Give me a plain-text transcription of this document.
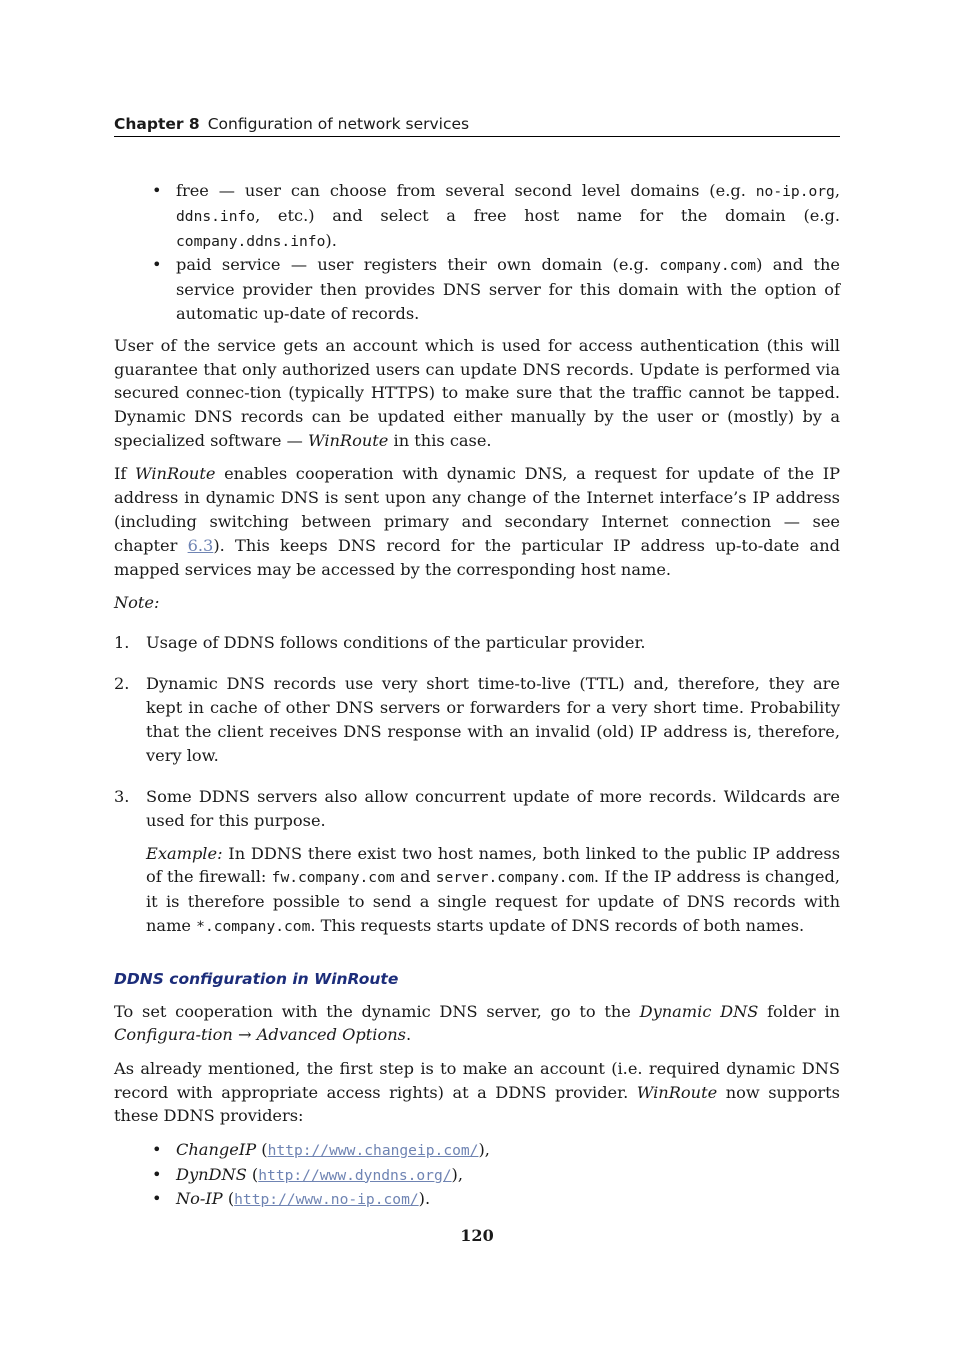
Chapter 8 Configuration of network services
• free — user can choose from several second level domains (e.g. no-ip.org, ddns.info, etc.) and select a free host name for the domain (e.g. company.ddns.info).
• paid service — user registers their own domain (e.g. company.com) and the service provider then provides DNS server for this domain with the option of automatic up-date of records.

User of the service gets an account which is used for access authentication (this will guarantee that only authorized users can update DNS records. Update is performed via secured connec-tion (typically HTTPS) to make sure that the traffic cannot be tapped. Dynamic DNS records can be updated either manually by the user or (mostly) by a specialized software — WinRoute in this case.

If WinRoute enables cooperation with dynamic DNS, a request for update of the IP address in dynamic DNS is sent upon any change of the Internet interface’s IP address (including switching between primary and secondary Internet connection — see chapter 6.3). This keeps DNS record for the particular IP address up-to-date and mapped services may be accessed by the corresponding host name.

Note:
1. Usage of DDNS follows conditions of the particular provider.

2. Dynamic DNS records use very short time-to-live (TTL) and, therefore, they are kept in cache of other DNS servers or forwarders for a very short time. Probability that the client receives DNS response with an invalid (old) IP address is, therefore, very low.

3. Some DDNS servers also allow concurrent update of more records. Wildcards are used for this purpose.

Example: In DDNS there exist two host names, both linked to the public IP address of the firewall: fw.company.com and server.company.com. If the IP address is changed, it is therefore possible to send a single request for update of DNS records with name *.company.com. This requests starts update of DNS records of both names.

DDNS configuration in WinRoute

To set cooperation with the dynamic DNS server, go to the Dynamic DNS folder in Configura-tion → Advanced Options.

As already mentioned, the first step is to make an account (i.e. required dynamic DNS record with appropriate access rights) at a DDNS provider. WinRoute now supports these DDNS providers:

• ChangeIP (http://www.changeip.com/),
• DynDNS (http://www.dyndns.org/),
• No-IP (http://www.no-ip.com/).
120
